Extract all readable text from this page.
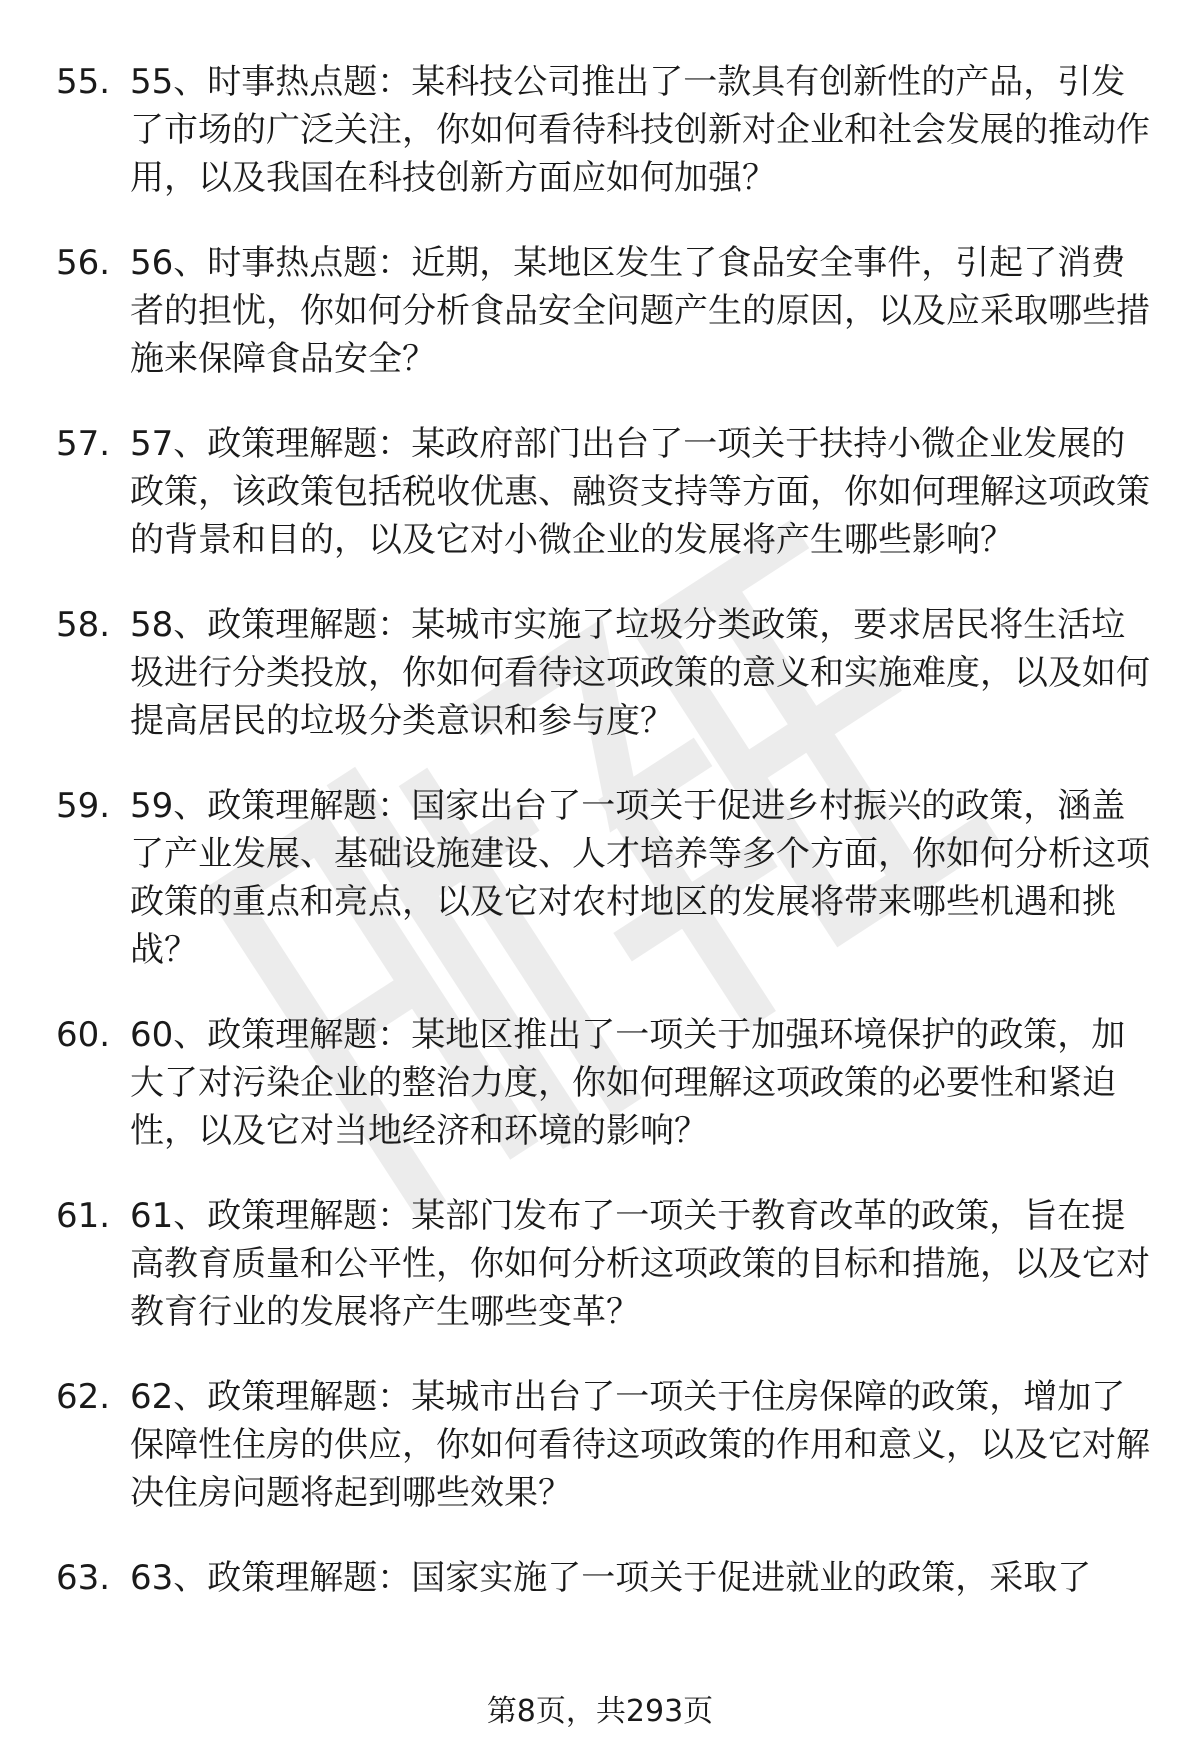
55. 55、时事热点题：某科技公司推出了一款具有创新性的产品，引发了市场的广泛关注，你如何看待科技创新对企业和社会发展的推动作用，以及我国在科技创新方面应如何加强？
56. 56、时事热点题：近期，某地区发生了食品安全事件，引起了消费者的担忧，你如何分析食品安全问题产生的原因，以及应采取哪些措施来保障食品安全？
57. 57、政策理解题：某政府部门出台了一项关于扶持小微企业发展的政策，该政策包括税收优惠、融资支持等方面，你如何理解这项政策的背景和目的，以及它对小微企业的发展将产生哪些影响？
58. 58、政策理解题：某城市实施了垃圾分类政策，要求居民将生活垃圾进行分类投放，你如何看待这项政策的意义和实施难度，以及如何提高居民的垃圾分类意识和参与度？
59. 59、政策理解题：国家出台了一项关于促进乡村振兴的政策，涵盖了产业发展、基础设施建设、人才培养等多个方面，你如何分析这项政策的重点和亮点，以及它对农村地区的发展将带来哪些机遇和挑战？
60. 60、政策理解题：某地区推出了一项关于加强环境保护的政策，加大了对污染企业的整治力度，你如何理解这项政策的必要性和紧迫性，以及它对当地经济和环境的影响？
61. 61、政策理解题：某部门发布了一项关于教育改革的政策，旨在提高教育质量和公平性，你如何分析这项政策的目标和措施，以及它对教育行业的发展将产生哪些变革？
62. 62、政策理解题：某城市出台了一项关于住房保障的政策，增加了保障性住房的供应，你如何看待这项政策的作用和意义，以及它对解决住房问题将起到哪些效果？
63. 63、政策理解题：国家实施了一项关于促进就业的政策，采取了
第8页，共293页
